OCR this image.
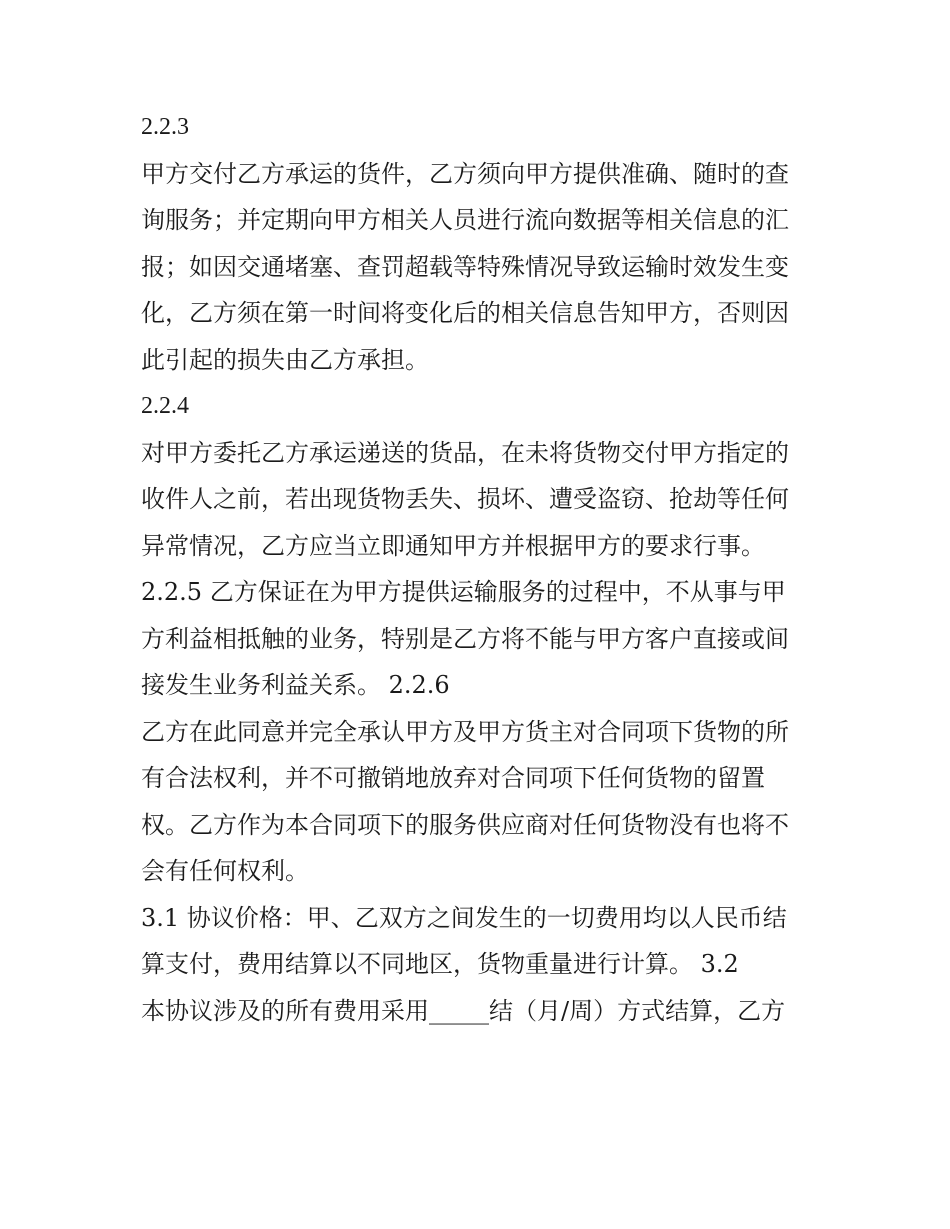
2.2.3
甲方交付乙方承运的货件，乙方须向甲方提供准确、随时的查
询服务；并定期向甲方相关人员进行流向数据等相关信息的汇
报；如因交通堵塞、查罚超载等特殊情况导致运输时效发生变
化，乙方须在第一时间将变化后的相关信息告知甲方，否则因
此引起的损失由乙方承担。
2.2.4
对甲方委托乙方承运递送的货品，在未将货物交付甲方指定的
收件人之前，若出现货物丢失、损坏、遭受盗窃、抢劫等任何
异常情况，乙方应当立即通知甲方并根据甲方的要求行事。
2.2.5 乙方保证在为甲方提供运输服务的过程中，不从事与甲
方利益相抵触的业务，特别是乙方将不能与甲方客户直接或间
接发生业务利益关系。 2.2.6
乙方在此同意并完全承认甲方及甲方货主对合同项下货物的所
有合法权利，并不可撤销地放弃对合同项下任何货物的留置
权。乙方作为本合同项下的服务供应商对任何货物没有也将不
会有任何权利。
3.1 协议价格：甲、乙双方之间发生的一切费用均以人民币结
算支付，费用结算以不同地区，货物重量进行计算。 3.2
本协议涉及的所有费用采用_____结（月/周）方式结算，乙方
